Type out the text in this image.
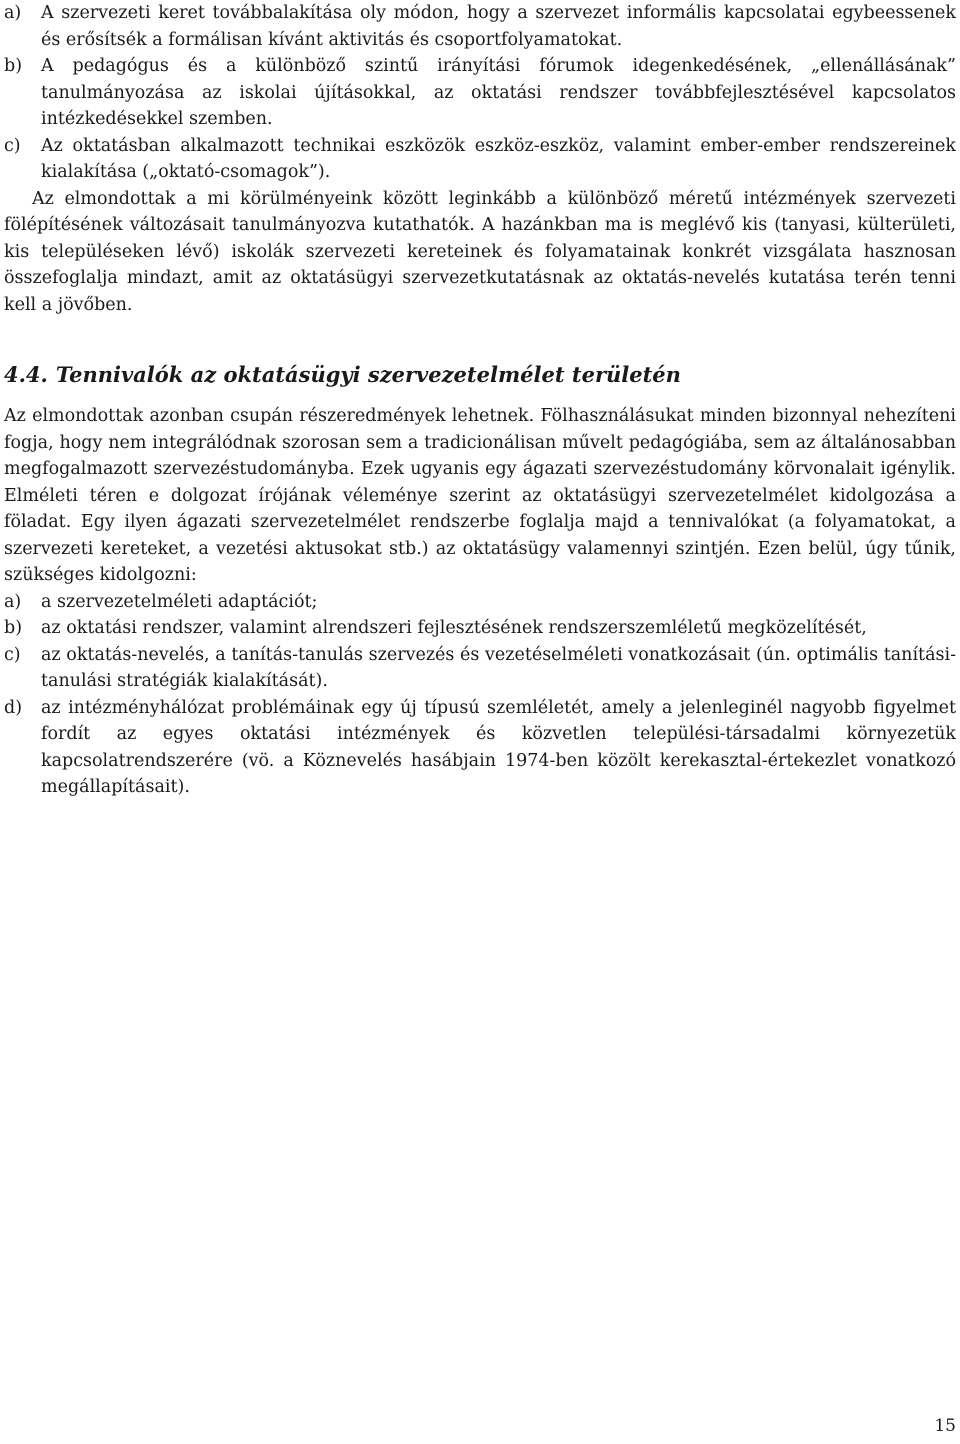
a)	A szervezeti keret továbbalakítása oly módon, hogy a szervezet informális kapcsolatai egybeessenek és erősítsék a formálisan kívánt aktivitás és csoportfolyamatokat.
b)	A pedagógus és a különböző szintű irányítási fórumok idegenkedésének, „ellenállásának” tanulmányozása az iskolai újításokkal, az oktatási rendszer továbbfejlesztésével kapcsolatos intézkedésekkel szemben.
c)	Az oktatásban alkalmazott technikai eszközök eszköz-eszköz, valamint ember-ember rendszereinek kialakítása („oktató-csomagok”).
Az elmondottak a mi körülményeink között leginkább a különböző méretű intézmények szervezeti fölépítésének változásait tanulmányozva kutathatók. A hazánkban ma is meglévő kis (tanyasi, külterületi, kis településeken lévő) iskolák szervezeti kereteinek és folyamatainak konkrét vizsgálata hasznosan összefoglalja mindazt, amit az oktatásügyi szervezetkutatásnak az oktatás-nevelés kutatása terén tenni kell a jövőben.
4.4. Tennivalók az oktatásügyi szervezetelmélet területén
Az elmondottak azonban csupán részeredmények lehetnek. Fölhasználásukat minden bizonnyal nehezíteni fogja, hogy nem integrálódnak szorosan sem a tradicionálisan művelt pedagógiába, sem az általánosabban megfogalmazott szervezéstudományba. Ezek ugyanis egy ágazati szervezéstudomány körvonalait igénylik. Elméleti téren e dolgozat írójának véleménye szerint az oktatásügyi szervezetelmélet kidolgozása a föladat. Egy ilyen ágazati szervezetelmélet rendszerbe foglalja majd a tennivalókat (a folyamatokat, a szervezeti kereteket, a vezetési aktusokat stb.) az oktatásügy valamennyi szintjén. Ezen belül, úgy tűnik, szükséges kidolgozni:
a)	a szervezetelméleti adaptációt;
b)	az oktatási rendszer, valamint alrendszeri fejlesztésének rendszerszemléletű megközelítését,
c)	az oktatás-nevelés, a tanítás-tanulás szervezés és vezetéselméleti vonatkozásait (ún. optimális tanítási-tanulási stratégiák kialakítását).
d)	az intézményhálózat problémáinak egy új típusú szemléletét, amely a jelenleginél nagyobb figyelmet fordít az egyes oktatási intézmények és közvetlen települési-társadalmi környezetük kapcsolatrendszerére (vö. a Köznevelés hasábjain 1974-ben közölt kerekasztal-értekezlet vonatkozó megállapításait).
15
